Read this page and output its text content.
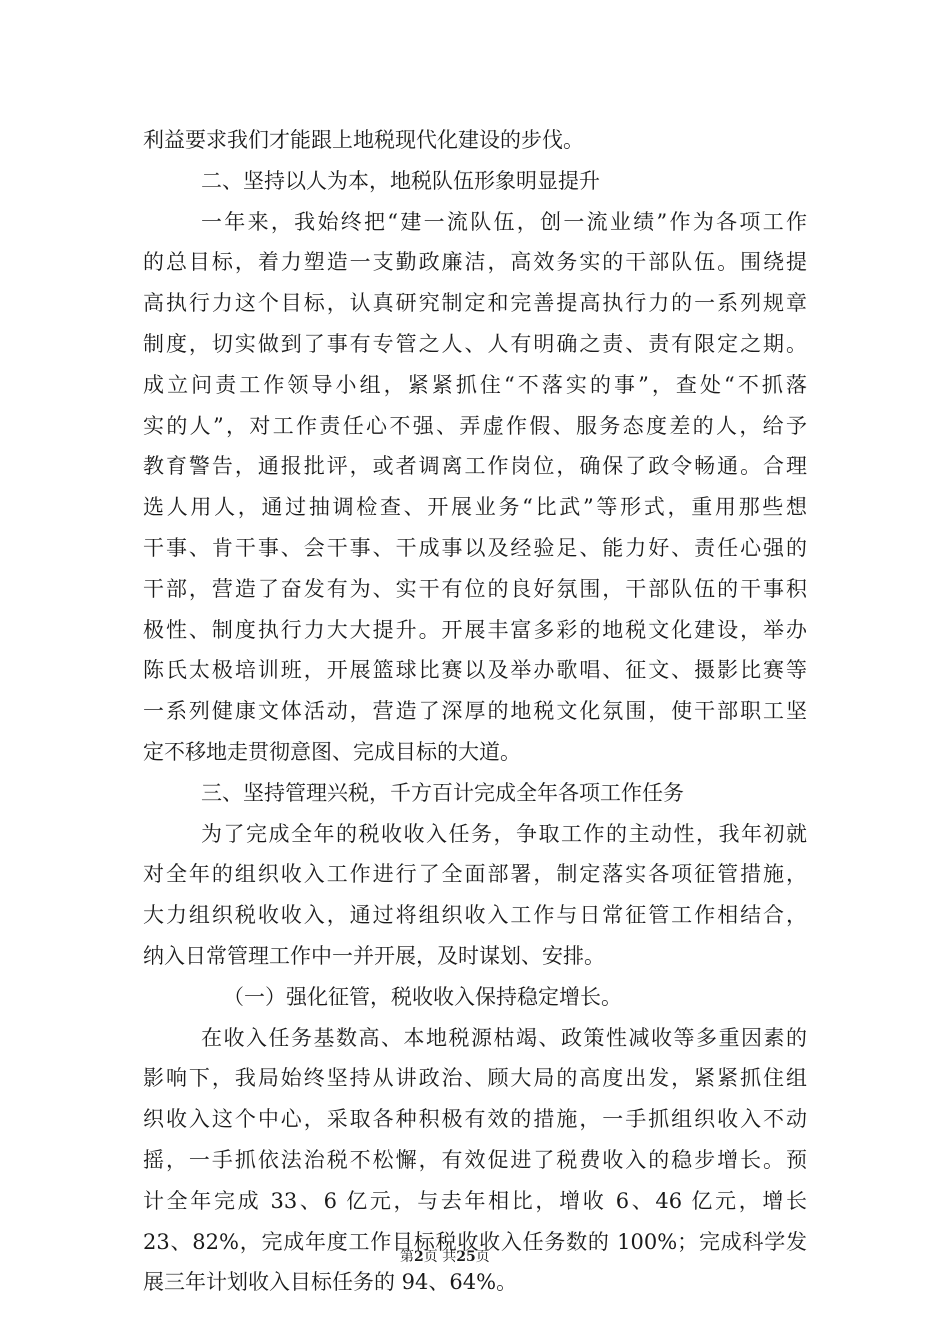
利益要求我们才能跟上地税现代化建设的步伐。
二、坚持以人为本，地税队伍形象明显提升
一年来，我始终把“建一流队伍，创一流业绩”作为各项工作
的总目标，着力塑造一支勤政廉洁，高效务实的干部队伍。围绕提
高执行力这个目标，认真研究制定和完善提高执行力的一系列规章
制度，切实做到了事有专管之人、人有明确之责、责有限定之期。
成立问责工作领导小组，紧紧抓住“不落实的事”，查处“不抓落
实的人”，对工作责任心不强、弄虚作假、服务态度差的人，给予
教育警告，通报批评，或者调离工作岗位，确保了政令畅通。合理
选人用人，通过抽调检查、开展业务“比武”等形式，重用那些想
干事、肯干事、会干事、干成事以及经验足、能力好、责任心强的
干部，营造了奋发有为、实干有位的良好氛围，干部队伍的干事积
极性、制度执行力大大提升。开展丰富多彩的地税文化建设，举办
陈氏太极培训班，开展篮球比赛以及举办歌唱、征文、摄影比赛等
一系列健康文体活动，营造了深厚的地税文化氛围，使干部职工坚
定不移地走贯彻意图、完成目标的大道。
三、坚持管理兴税，千方百计完成全年各项工作任务
为了完成全年的税收收入任务，争取工作的主动性，我年初就
对全年的组织收入工作进行了全面部署，制定落实各项征管措施，
大力组织税收收入，通过将组织收入工作与日常征管工作相结合，
纳入日常管理工作中一并开展，及时谋划、安排。
（一）强化征管，税收收入保持稳定增长。
在收入任务基数高、本地税源枯竭、政策性减收等多重因素的
影响下，我局始终坚持从讲政治、顾大局的高度出发，紧紧抓住组
织收入这个中心，采取各种积极有效的措施，一手抓组织收入不动
摇，一手抓依法治税不松懈，有效促进了税费收入的稳步增长。预
计全年完成 33、6 亿元，与去年相比，增收 6、46 亿元，增长
23、82%，完成年度工作目标税收收入任务数的 100%；完成科学发
展三年计划收入目标任务的 94、64%。
第2页 共25页
